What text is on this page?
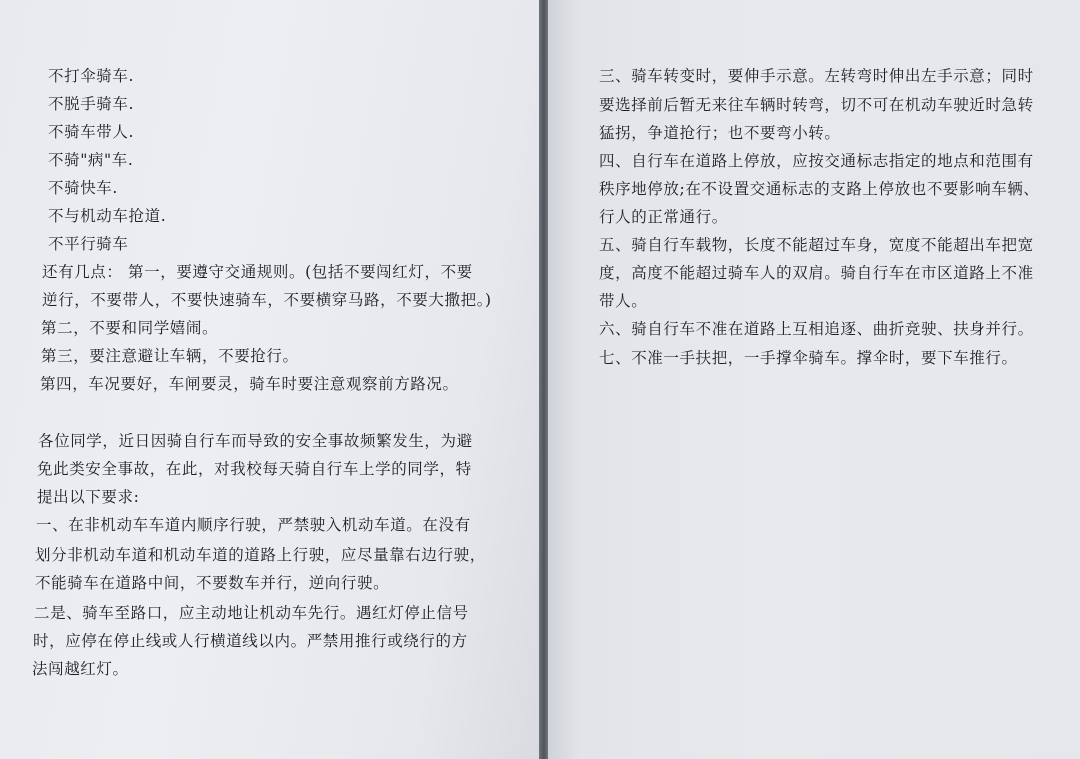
不打伞骑车.
不脱手骑车.
不骑车带人.
不骑"病"车.
不骑快车.
不与机动车抢道.
不平行骑车
还有几点： 第一，要遵守交通规则。(包括不要闯红灯，不要
逆行，不要带人，不要快速骑车，不要横穿马路，不要大撒把。)
第二，不要和同学嬉闹。
第三，要注意避让车辆，不要抢行。
第四，车况要好，车闸要灵，骑车时要注意观察前方路况。
各位同学，近日因骑自行车而导致的安全事故频繁发生，为避
免此类安全事故，在此，对我校每天骑自行车上学的同学，特
提出以下要求:
一、在非机动车车道内顺序行驶，严禁驶入机动车道。在没有
划分非机动车道和机动车道的道路上行驶，应尽量靠右边行驶，
不能骑车在道路中间，不要数车并行，逆向行驶。
二是、骑车至路口，应主动地让机动车先行。遇红灯停止信号
时，应停在停止线或人行横道线以内。严禁用推行或绕行的方
法闯越红灯。
三、骑车转变时，要伸手示意。左转弯时伸出左手示意；同时
要选择前后暂无来往车辆时转弯，切不可在机动车驶近时急转
猛拐，争道抢行；也不要弯小转。
四、自行车在道路上停放，应按交通标志指定的地点和范围有
秩序地停放;在不设置交通标志的支路上停放也不要影响车辆、
行人的正常通行。
五、骑自行车载物，长度不能超过车身，宽度不能超出车把宽
度，高度不能超过骑车人的双肩。骑自行车在市区道路上不准
带人。
六、骑自行车不准在道路上互相追逐、曲折竞驶、扶身并行。
七、不准一手扶把，一手撑伞骑车。撑伞时，要下车推行。
